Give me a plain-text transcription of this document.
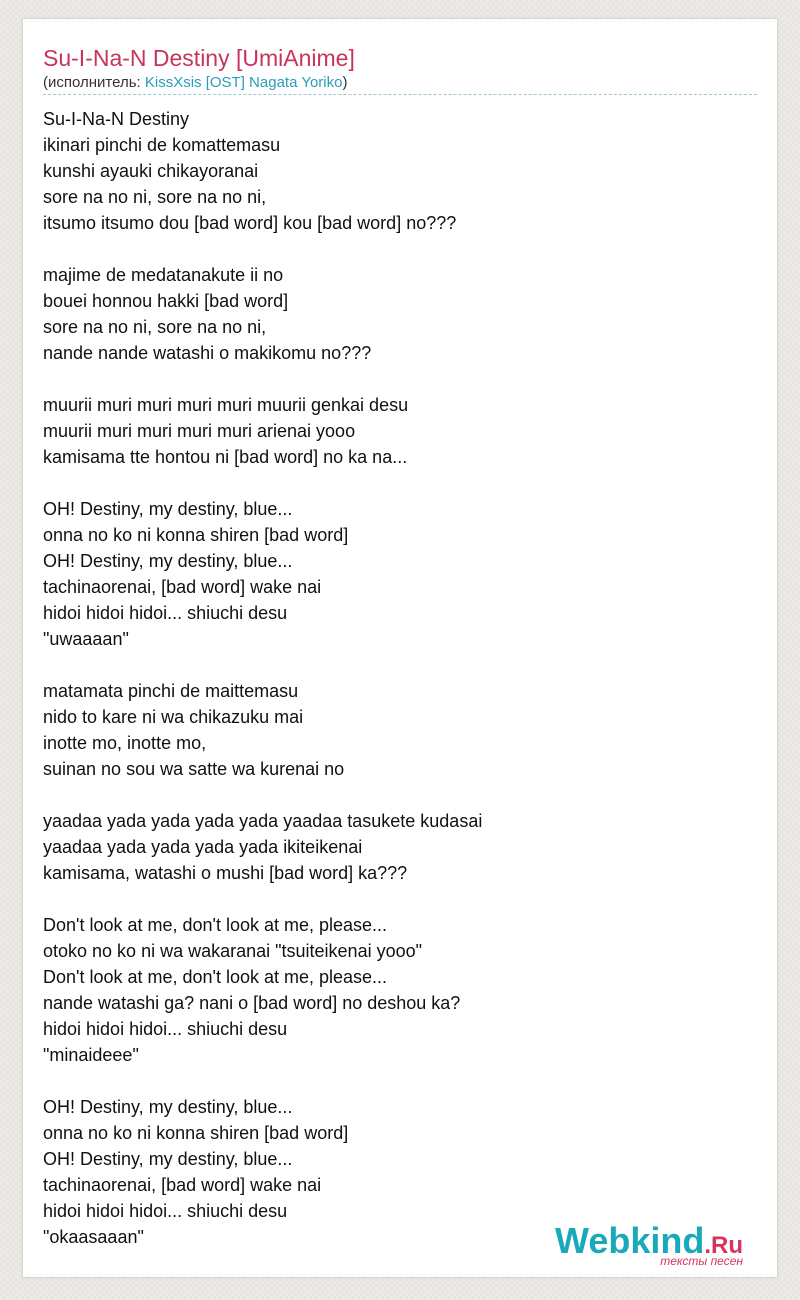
Su-I-Na-N Destiny [UmiAnime]
(исполнитель: KissXsis [OST] Nagata Yoriko)
Su-I-Na-N Destiny
ikinari pinchi de komattemasu
kunshi ayauki chikayoranai
sore na no ni, sore na no ni,
itsumo itsumo dou [bad word] kou [bad word] no???
majime de medatanakute ii no
bouei honnou hakki [bad word]
sore na no ni, sore na no ni,
nande nande watashi o makikomu no???
muurii muri muri muri muri muurii genkai desu
muurii muri muri muri muri arienai yooo
kamisama tte hontou ni [bad word] no ka na...
OH! Destiny, my destiny, blue...
onna no ko ni konna shiren [bad word]
OH! Destiny, my destiny, blue...
tachinaorenai, [bad word] wake nai
hidoi hidoi hidoi... shiuchi desu
"uwaaaan"
matamata pinchi de maittemasu
nido to kare ni wa chikazuku mai
inotte mo, inotte mo,
suinan no sou wa satte wa kurenai no
yaadaa yada yada yada yada yaadaa tasukete kudasai
yaadaa yada yada yada yada ikiteikenai
kamisama, watashi o mushi [bad word] ka???
Don't look at me, don't look at me, please...
otoko no ko ni wa wakaranai "tsuiteikenai yooo"
Don't look at me, don't look at me, please...
nande watashi ga? nani o [bad word] no deshou ka?
hidoi hidoi hidoi... shiuchi desu
"minaideee"
OH! Destiny, my destiny, blue...
onna no ko ni konna shiren [bad word]
OH! Destiny, my destiny, blue...
tachinaorenai, [bad word] wake nai
hidoi hidoi hidoi... shiuchi desu
"okaasaaan"	Webkind.Ru
тексты песен
